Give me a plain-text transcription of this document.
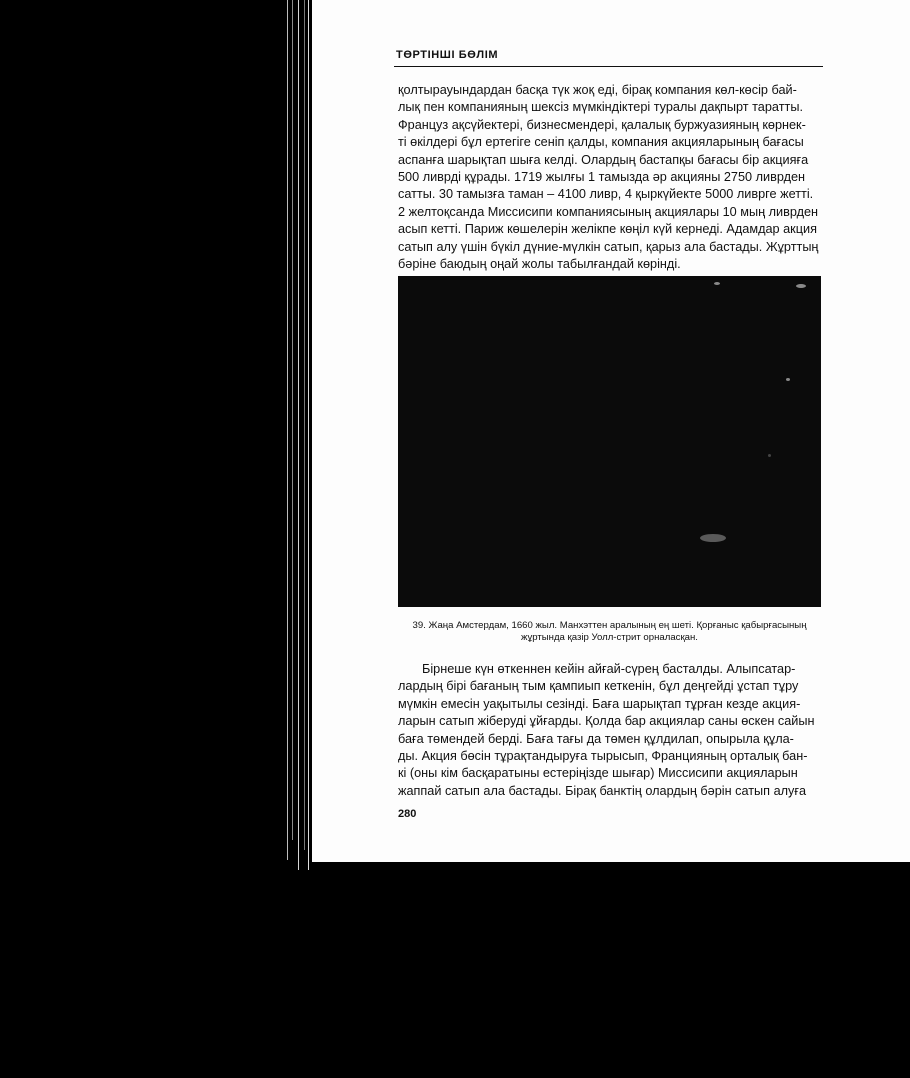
ТӨРТІНШІ БӨЛІМ
қолтырауындардан басқа түк жоқ еді, бірақ компания көл-көсір бай-
лық пен компанияның шексіз мүмкіндіктері туралы дақпырт таратты.
Француз ақсүйектері, бизнесмендері, қалалық буржуазияның көрнек-
ті өкілдері бұл ертегіге сеніп қалды, компания акцияларының бағасы
аспанға шарықтап шыға келді. Олардың бастапқы бағасы бір акцияға
500 ливрді құрады. 1719 жылғы 1 тамызда әр акцияны 2750 ливрден
сатты. 30 тамызға таман – 4100 ливр, 4 қыркүйекте 5000 ливрге жетті.
2 желтоқсанда Миссисипи компаниясының акциялары 10 мың ливрден
асып кетті. Париж көшелерін желікпе көңіл күй кернеді. Адамдар акция
сатып алу үшін бүкіл дүние-мүлкін сатып, қарыз ала бастады. Жұрттың
бәріне баюдың оңай жолы табылғандай көрінді.
39. Жаңа Амстердам, 1660 жыл. Манхэттен аралының ең шеті. Қорғаныс қабырғасының
жұртында қазір Уолл-стрит орналасқан.
Бірнеше күн өткеннен кейін айғай-сүрең басталды. Алыпсатар-
лардың бірі бағаның тым қампиып кеткенін, бұл деңгейді ұстап тұру
мүмкін емесін уақытылы сезінді. Баға шарықтап тұрған кезде акция-
ларын сатып жіберуді ұйғарды. Қолда бар акциялар саны өскен сайын
баға төмендей берді. Баға тағы да төмен құлдилап, опырыла құла-
ды. Акция бөсін тұрақтандыруға тырысып, Францияның орталық бан-
кі (оны кім басқаратыны естеріңізде шығар) Миссисипи акцияларын
жаппай сатып ала бастады. Бірақ банктің олардың бәрін сатып алуға
280
